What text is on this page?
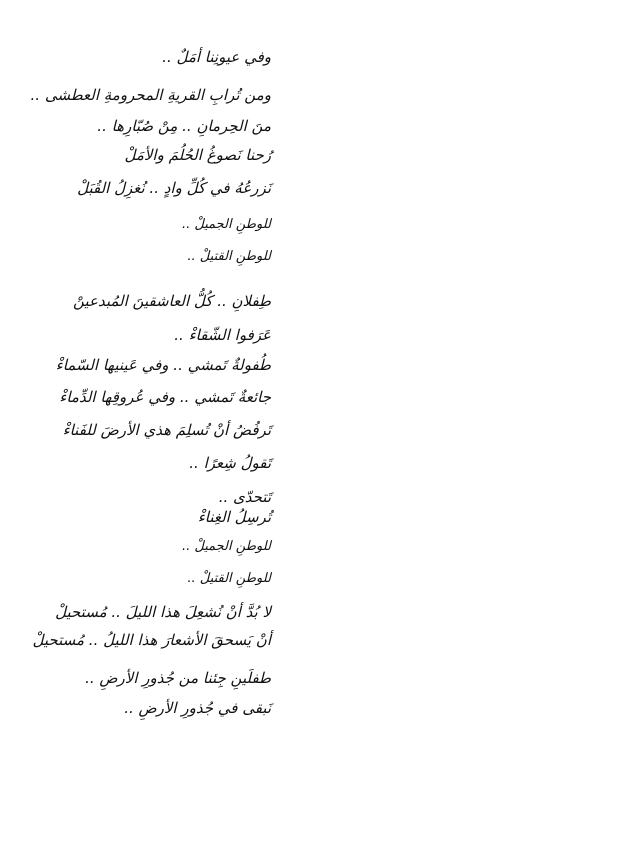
وفي عيونِنا أمَلٌ ..
ومن تُرابِ القريةِ المحرومةِ العطشى ..
منَ الحِرمانِ .. مِنْ صُبّارِها ..
رُحنا نَصوغُ الحُلُمَ والأمَلْ
نَزرعُهُ في كُلِّ وادٍ .. نُغزِلُ القُبَلْ
للوطنِ الجميلْ ..
للوطنِ القتيلْ ..
طِفلانِ .. كُلُّ العاشقينَ المُبدعينْ
عَرَفوا الشّقاءْ ..
طُفولةٌ تَمشي .. وفي عَينيها السّماءْ
جائعةٌ تَمشي .. وفي عُروقِها الدِّماءْ
تَرفُضُ أنْ تُسلِمَ هذي الأرضَ للفَناءْ
تَقولُ شِعرًا ..
تَتحدّى ..
تُرسِلُ الغِناءْ
للوطنِ الجميلْ ..
للوطنِ القتيلْ ..
لا بُدَّ أنْ نُشعِلَ هذا الليلَ .. مُستحيلْ
أنْ يَسحقَ الأشعارَ هذا الليلُ .. مُستحيلْ
طفلَينِ جِئنا من جُذورِ الأرضِ ..
نَبقى في جُذورِ الأرضِ ..
